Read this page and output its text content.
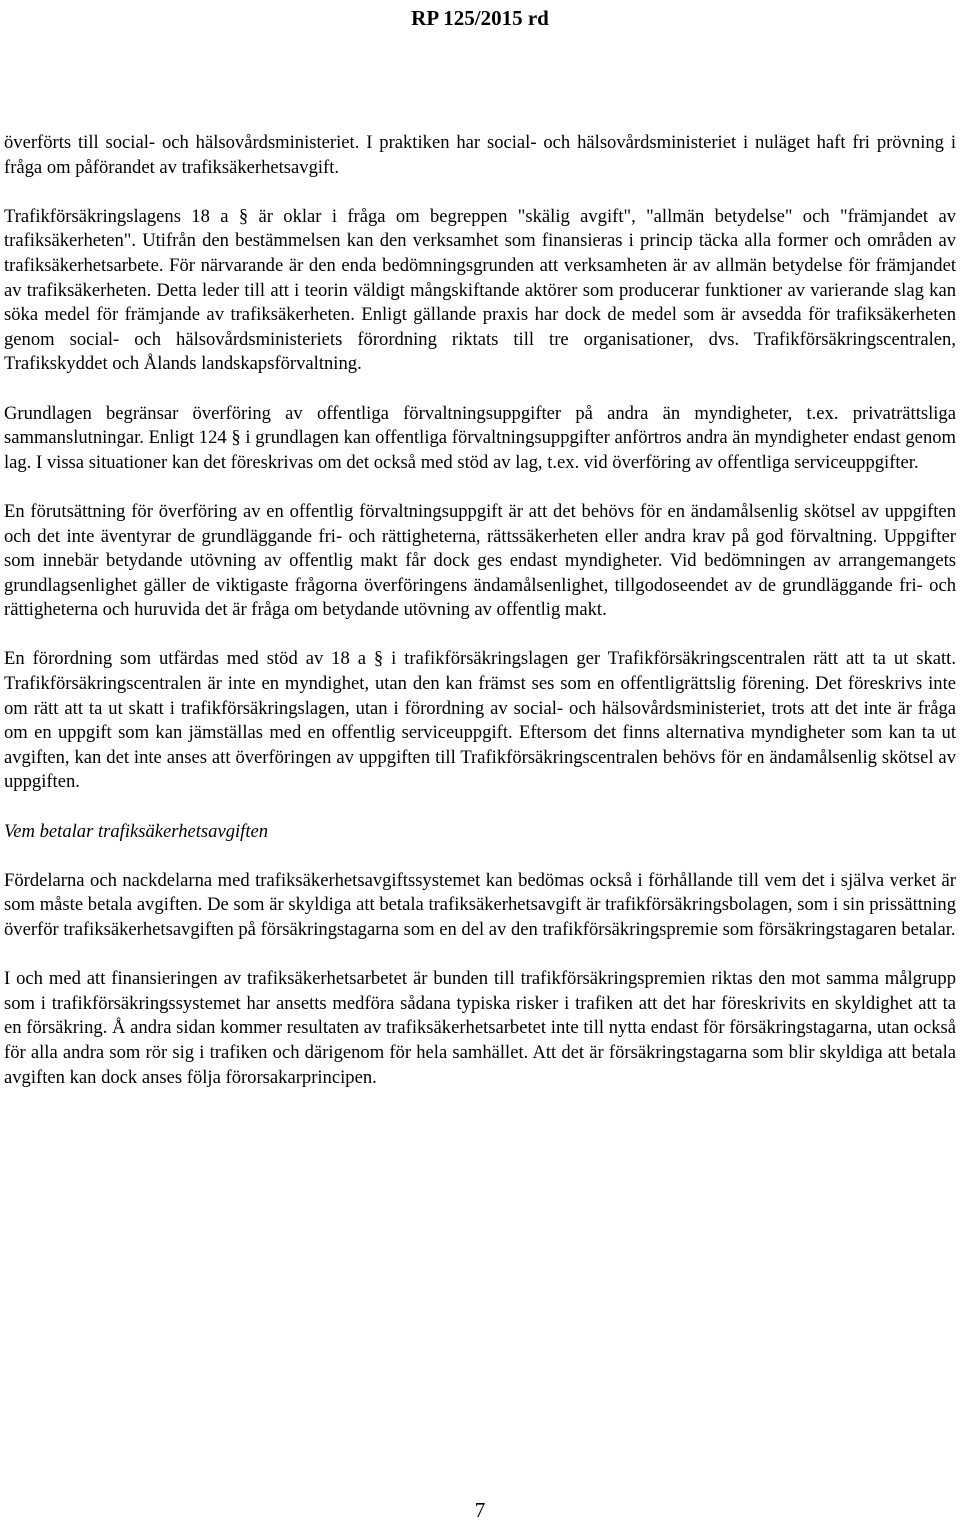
RP 125/2015 rd

överförts till social- och hälsovårdsministeriet. I praktiken har social- och hälsovårdsministeriet i nuläget haft fri prövning i fråga om påförandet av trafiksäkerhetsavgift.

Trafikförsäkringslagens 18 a § är oklar i fråga om begreppen "skälig avgift", "allmän betydelse" och "främjandet av trafiksäkerheten". Utifrån den bestämmelsen kan den verksamhet som finansieras i princip täcka alla former och områden av trafiksäkerhetsarbete. För närvarande är den enda bedömningsgrunden att verksamheten är av allmän betydelse för främjandet av trafiksäkerheten. Detta leder till att i teorin väldigt mångskiftande aktörer som producerar funktioner av varierande slag kan söka medel för främjande av trafiksäkerheten. Enligt gällande praxis har dock de medel som är avsedda för trafiksäkerheten genom social- och hälsovårdsministeriets förordning riktats till tre organisationer, dvs. Trafikförsäkringscentralen, Trafikskyddet och Ålands landskapsförvaltning.

Grundlagen begränsar överföring av offentliga förvaltningsuppgifter på andra än myndigheter, t.ex. privaträttsliga sammanslutningar. Enligt 124 § i grundlagen kan offentliga förvaltningsuppgifter anförtros andra än myndigheter endast genom lag. I vissa situationer kan det föreskrivas om det också med stöd av lag, t.ex. vid överföring av offentliga serviceuppgifter.

En förutsättning för överföring av en offentlig förvaltningsuppgift är att det behövs för en ändamålsenlig skötsel av uppgiften och det inte äventyrar de grundläggande fri- och rättigheterna, rättssäkerheten eller andra krav på god förvaltning. Uppgifter som innebär betydande utövning av offentlig makt får dock ges endast myndigheter. Vid bedömningen av arrangemangets grundlagsenlighet gäller de viktigaste frågorna överföringens ändamålsenlighet, tillgodoseendet av de grundläggande fri- och rättigheterna och huruvida det är fråga om betydande utövning av offentlig makt.

En förordning som utfärdas med stöd av 18 a § i trafikförsäkringslagen ger Trafikförsäkringscentralen rätt att ta ut skatt. Trafikförsäkringscentralen är inte en myndighet, utan den kan främst ses som en offentligrättslig förening. Det föreskrivs inte om rätt att ta ut skatt i trafikförsäkringslagen, utan i förordning av social- och hälsovårdsministeriet, trots att det inte är fråga om en uppgift som kan jämställas med en offentlig serviceuppgift. Eftersom det finns alternativa myndigheter som kan ta ut avgiften, kan det inte anses att överföringen av uppgiften till Trafikförsäkringscentralen behövs för en ändamålsenlig skötsel av uppgiften.

Vem betalar trafiksäkerhetsavgiften

Fördelarna och nackdelarna med trafiksäkerhetsavgiftssystemet kan bedömas också i förhållande till vem det i själva verket är som måste betala avgiften. De som är skyldiga att betala trafiksäkerhetsavgift är trafikförsäkringsbolagen, som i sin prissättning överför trafiksäkerhetsavgiften på försäkringstagarna som en del av den trafikförsäkringspremie som försäkringstagaren betalar.

I och med att finansieringen av trafiksäkerhetsarbetet är bunden till trafikförsäkringspremien riktas den mot samma målgrupp som i trafikförsäkringssystemet har ansetts medföra sådana typiska risker i trafiken att det har föreskrivits en skyldighet att ta en försäkring. Å andra sidan kommer resultaten av trafiksäkerhetsarbetet inte till nytta endast för försäkringstagarna, utan också för alla andra som rör sig i trafiken och därigenom för hela samhället. Att det är försäkringstagarna som blir skyldiga att betala avgiften kan dock anses följa förorsakarprincipen.

7
